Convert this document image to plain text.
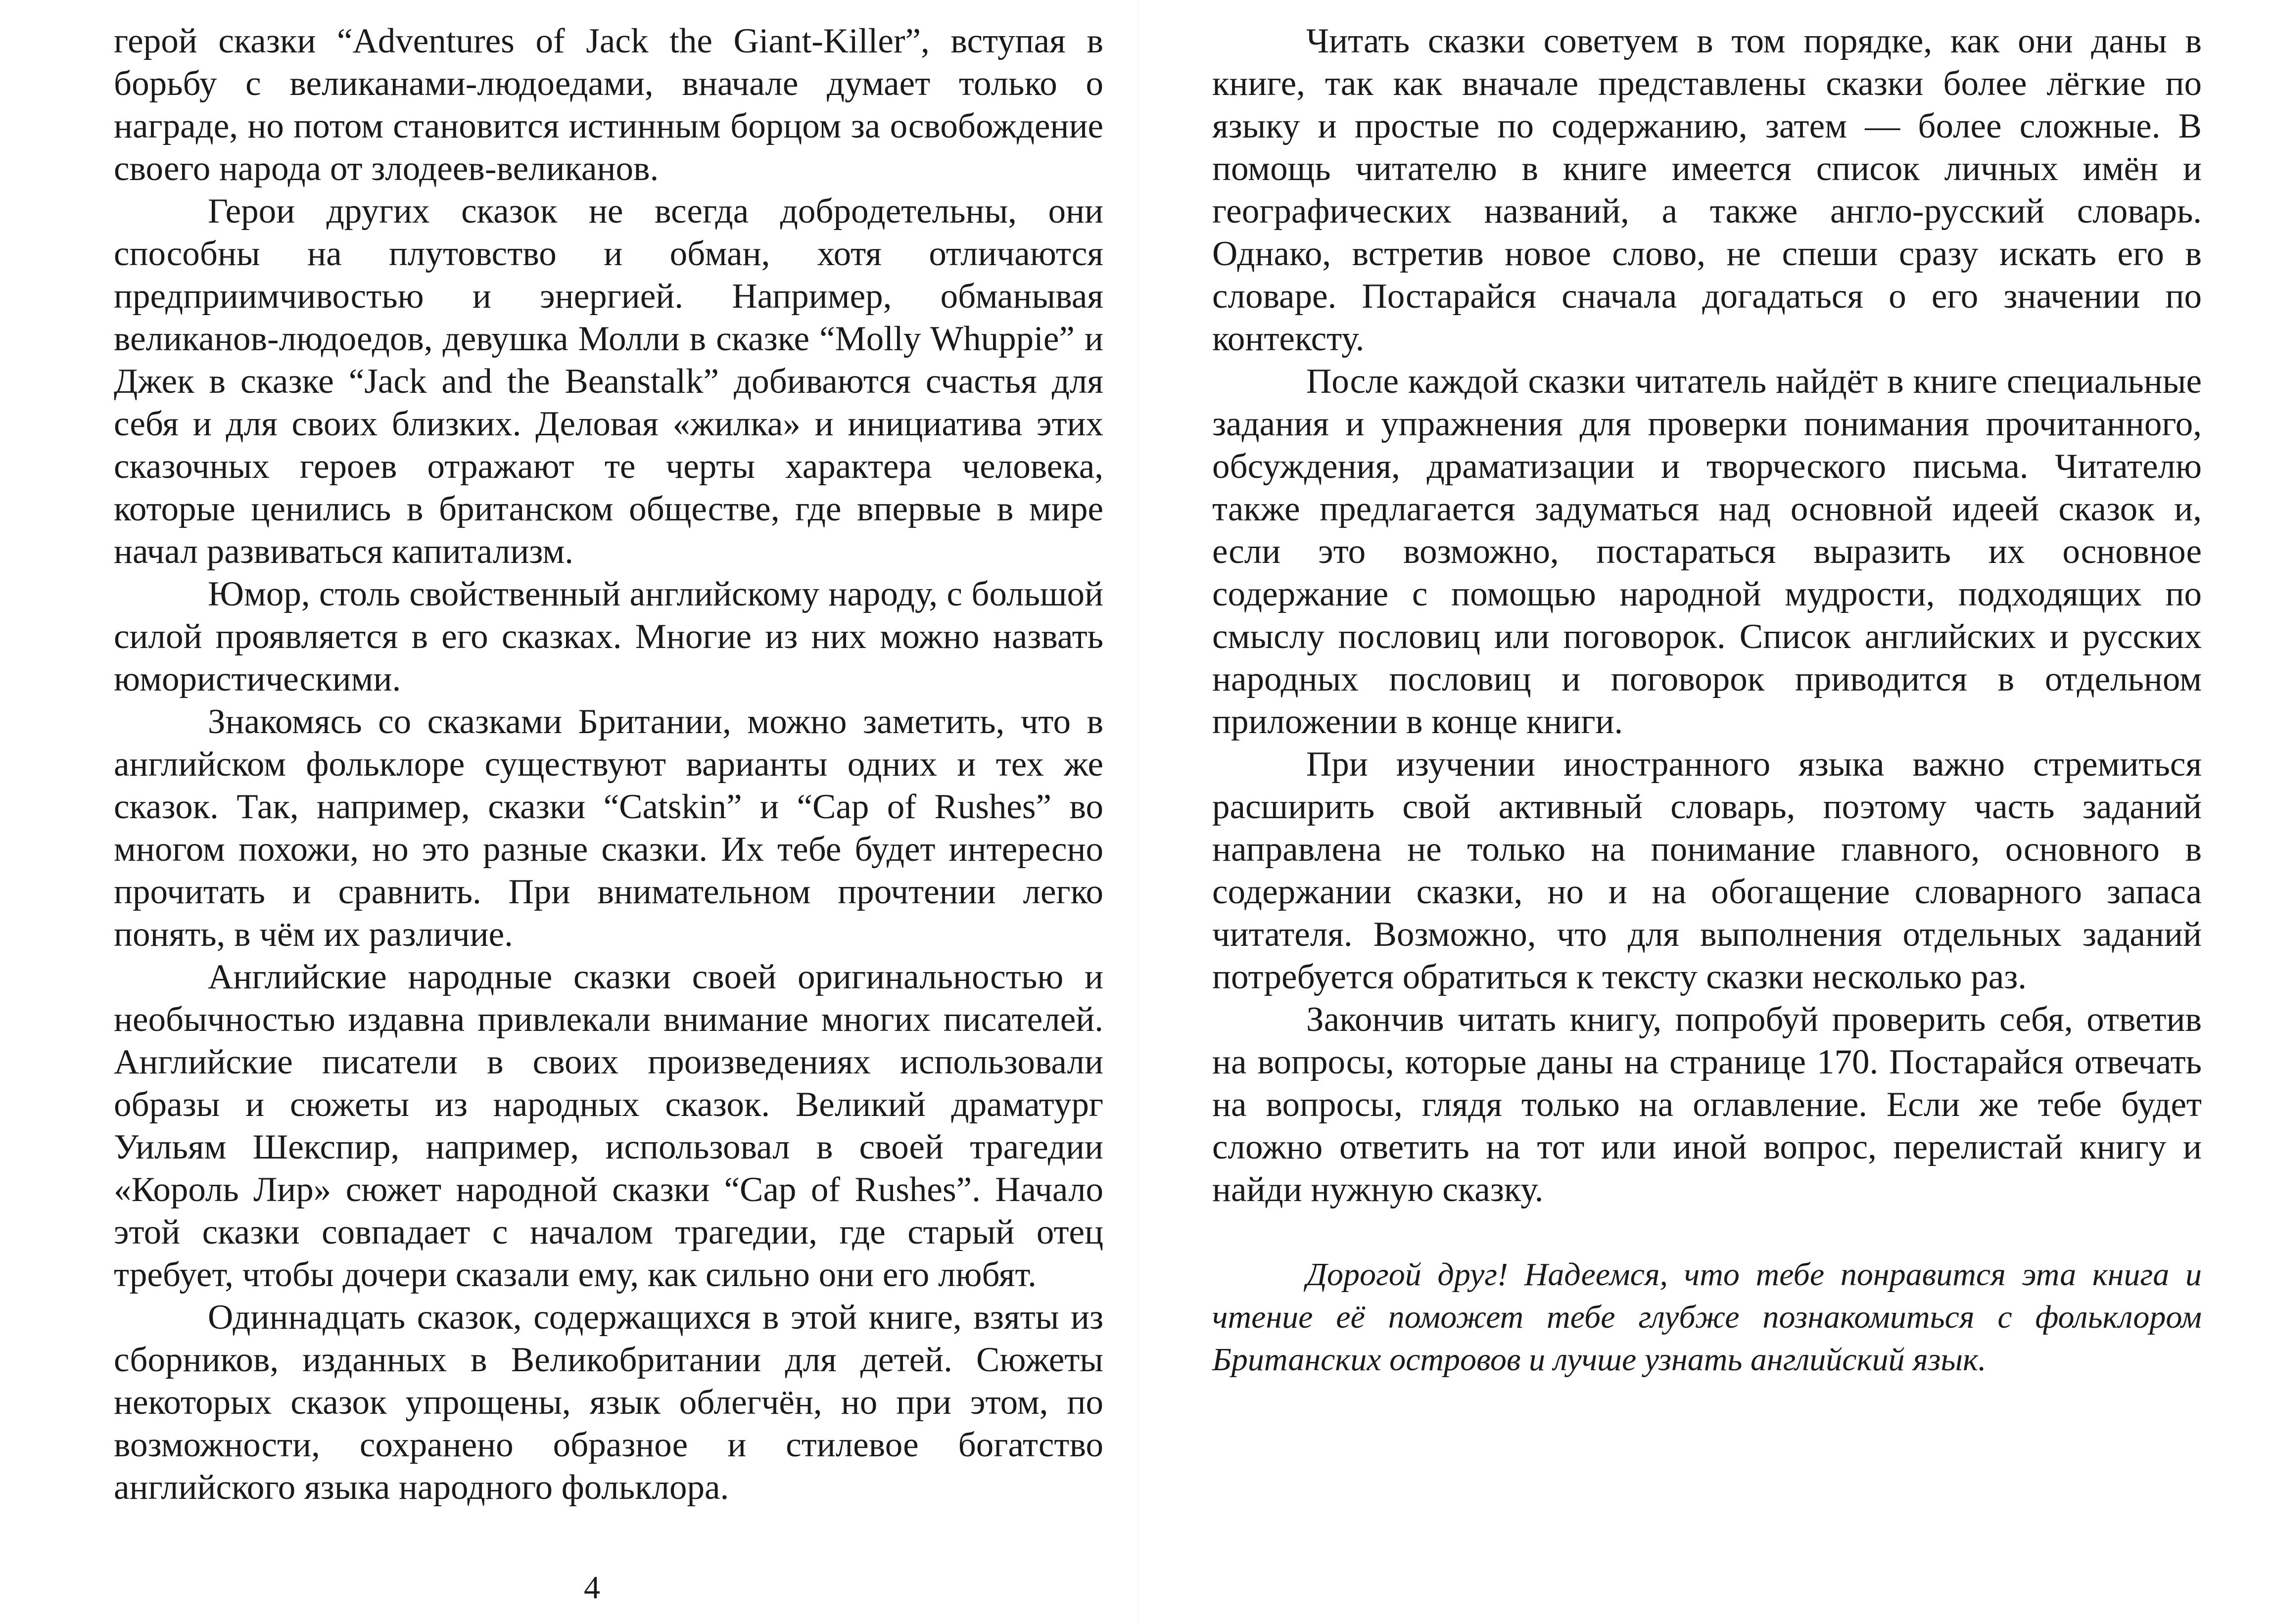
герой сказки “Adventures of Jack the Giant-Killer”, вступая в борьбу с великанами-людоедами, вначале думает только о награде, но потом становится истинным борцом за освобождение своего народа от злодеев-великанов.

Герои других сказок не всегда добродетельны, они способны на плутовство и обман, хотя отличаются предприимчивостью и энергией. Например, обманывая великанов-людоедов, девушка Молли в сказке “Molly Whuppie” и Джек в сказке “Jack and the Beanstalk” добиваются счастья для себя и для своих близких. Деловая «жилка» и инициатива этих сказочных героев отражают те черты характера человека, которые ценились в британском обществе, где впервые в мире начал развиваться капитализм.

Юмор, столь свойственный английскому народу, с большой силой проявляется в его сказках. Многие из них можно назвать юмористическими.

Знакомясь со сказками Британии, можно заметить, что в английском фольклоре существуют варианты одних и тех же сказок. Так, например, сказки “Catskin” и “Cap of Rushes” во многом похожи, но это разные сказки. Их тебе будет интересно прочитать и сравнить. При внимательном прочтении легко понять, в чём их различие.

Английские народные сказки своей оригинальностью и необычностью издавна привлекали внимание многих писателей. Английские писатели в своих произведениях использовали образы и сюжеты из народных сказок. Великий драматург Уильям Шекспир, например, использовал в своей трагедии «Король Лир» сюжет народной сказки “Cap of Rushes”. Начало этой сказки совпадает с началом трагедии, где старый отец требует, чтобы дочери сказали ему, как сильно они его любят.

Одиннадцать сказок, содержащихся в этой книге, взяты из сборников, изданных в Великобритании для детей. Сюжеты некоторых сказок упрощены, язык облегчён, но при этом, по возможности, сохранено образное и стилевое богатство английского языка народного фольклора.

4

Читать сказки советуем в том порядке, как они даны в книге, так как вначале представлены сказки более лёгкие по языку и простые по содержанию, затем — более сложные. В помощь читателю в книге имеется список личных имён и географических названий, а также англо-русский словарь. Однако, встретив новое слово, не спеши сразу искать его в словаре. Постарайся сначала догадаться о его значении по контексту.

После каждой сказки читатель найдёт в книге специальные задания и упражнения для проверки понимания прочитанного, обсуждения, драматизации и творческого письма. Читателю также предлагается задуматься над основной идеей сказок и, если это возможно, постараться выразить их основное содержание с помощью народной мудрости, подходящих по смыслу пословиц или поговорок. Список английских и русских народных пословиц и поговорок приводится в отдельном приложении в конце книги.

При изучении иностранного языка важно стремиться расширить свой активный словарь, поэтому часть заданий направлена не только на понимание главного, основного в содержании сказки, но и на обогащение словарного запаса читателя. Возможно, что для выполнения отдельных заданий потребуется обратиться к тексту сказки несколько раз.

Закончив читать книгу, попробуй проверить себя, ответив на вопросы, которые даны на странице 170. Постарайся отвечать на вопросы, глядя только на оглавление. Если же тебе будет сложно ответить на тот или иной вопрос, перелистай книгу и найди нужную сказку.

Дорогой друг! Надеемся, что тебе понравится эта книга и чтение её поможет тебе глубже познакомиться с фольклором Британских островов и лучше узнать английский язык.
